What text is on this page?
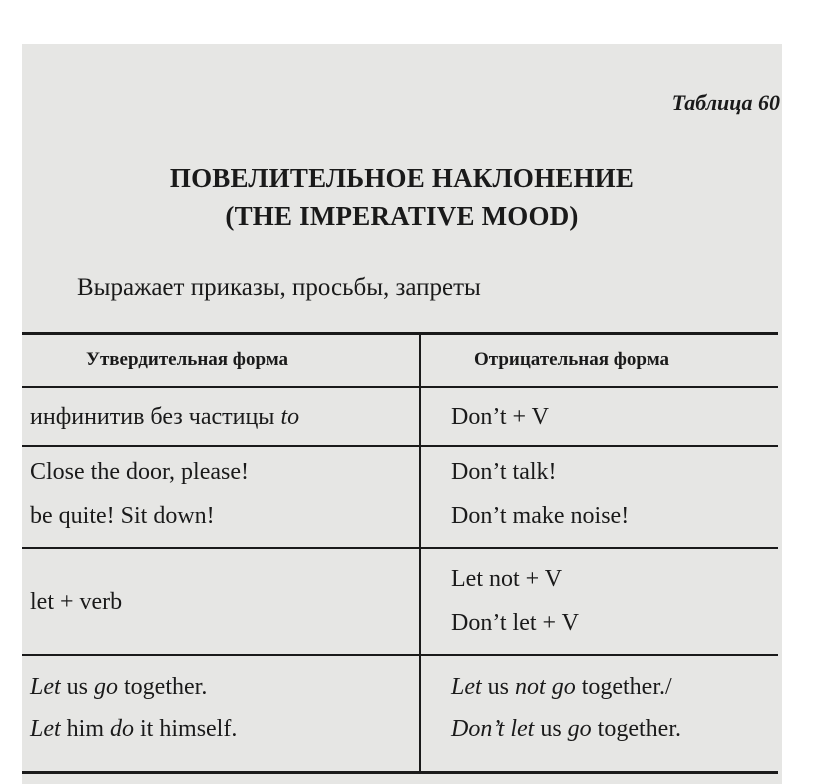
Таблица 60
ПОВЕЛИТЕЛЬНОЕ НАКЛОНЕНИЕ
(THE IMPERATIVE MOOD)
Выражает приказы, просьбы, запреты
Утвердительная форма	Отрицательная форма
инфинитив без частицы to	Don’t + V
Close the door, please!
be quite! Sit down!
Don’t talk!
Don’t make noise!
let + verb
Let not + V
Don’t let + V
Let us go together.
Let him do it himself.
Let us not go together./
Don’t let us go together.
